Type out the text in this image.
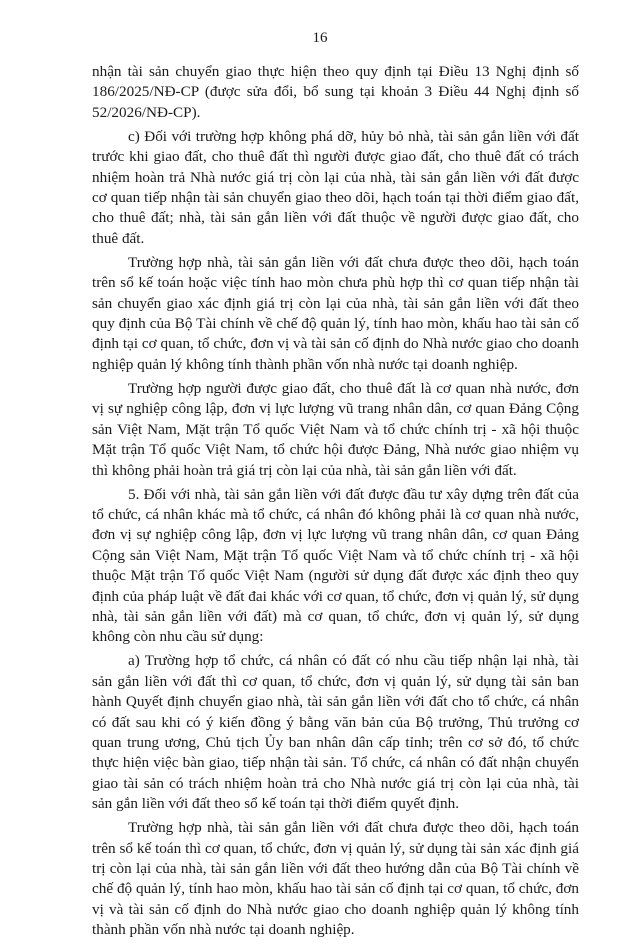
16

nhận tài sản chuyển giao thực hiện theo quy định tại Điều 13 Nghị định số 186/2025/NĐ-CP (được sửa đổi, bổ sung tại khoản 3 Điều 44 Nghị định số 52/2026/NĐ-CP).

c) Đối với trường hợp không phá dỡ, hủy bỏ nhà, tài sản gắn liền với đất trước khi giao đất, cho thuê đất thì người được giao đất, cho thuê đất có trách nhiệm hoàn trả Nhà nước giá trị còn lại của nhà, tài sản gắn liền với đất được cơ quan tiếp nhận tài sản chuyển giao theo dõi, hạch toán tại thời điểm giao đất, cho thuê đất; nhà, tài sản gắn liền với đất thuộc về người được giao đất, cho thuê đất.

Trường hợp nhà, tài sản gắn liền với đất chưa được theo dõi, hạch toán trên sổ kế toán hoặc việc tính hao mòn chưa phù hợp thì cơ quan tiếp nhận tài sản chuyển giao xác định giá trị còn lại của nhà, tài sản gắn liền với đất theo quy định của Bộ Tài chính về chế độ quản lý, tính hao mòn, khấu hao tài sản cố định tại cơ quan, tổ chức, đơn vị và tài sản cố định do Nhà nước giao cho doanh nghiệp quản lý không tính thành phần vốn nhà nước tại doanh nghiệp.

Trường hợp người được giao đất, cho thuê đất là cơ quan nhà nước, đơn vị sự nghiệp công lập, đơn vị lực lượng vũ trang nhân dân, cơ quan Đảng Cộng sản Việt Nam, Mặt trận Tổ quốc Việt Nam và tổ chức chính trị - xã hội thuộc Mặt trận Tổ quốc Việt Nam, tổ chức hội được Đảng, Nhà nước giao nhiệm vụ thì không phải hoàn trả giá trị còn lại của nhà, tài sản gắn liền với đất.

5. Đối với nhà, tài sản gắn liền với đất được đầu tư xây dựng trên đất của tổ chức, cá nhân khác mà tổ chức, cá nhân đó không phải là cơ quan nhà nước, đơn vị sự nghiệp công lập, đơn vị lực lượng vũ trang nhân dân, cơ quan Đảng Cộng sản Việt Nam, Mặt trận Tổ quốc Việt Nam và tổ chức chính trị - xã hội thuộc Mặt trận Tổ quốc Việt Nam (người sử dụng đất được xác định theo quy định của pháp luật về đất đai khác với cơ quan, tổ chức, đơn vị quản lý, sử dụng nhà, tài sản gắn liền với đất) mà cơ quan, tổ chức, đơn vị quản lý, sử dụng không còn nhu cầu sử dụng:

a) Trường hợp tổ chức, cá nhân có đất có nhu cầu tiếp nhận lại nhà, tài sản gắn liền với đất thì cơ quan, tổ chức, đơn vị quản lý, sử dụng tài sản ban hành Quyết định chuyển giao nhà, tài sản gắn liền với đất cho tổ chức, cá nhân có đất sau khi có ý kiến đồng ý bằng văn bản của Bộ trưởng, Thủ trưởng cơ quan trung ương, Chủ tịch Ủy ban nhân dân cấp tỉnh; trên cơ sở đó, tổ chức thực hiện việc bàn giao, tiếp nhận tài sản. Tổ chức, cá nhân có đất nhận chuyển giao tài sản có trách nhiệm hoàn trả cho Nhà nước giá trị còn lại của nhà, tài sản gắn liền với đất theo sổ kế toán tại thời điểm quyết định.

Trường hợp nhà, tài sản gắn liền với đất chưa được theo dõi, hạch toán trên sổ kế toán thì cơ quan, tổ chức, đơn vị quản lý, sử dụng tài sản xác định giá trị còn lại của nhà, tài sản gắn liền với đất theo hướng dẫn của Bộ Tài chính về chế độ quản lý, tính hao mòn, khấu hao tài sản cố định tại cơ quan, tổ chức, đơn vị và tài sản cố định do Nhà nước giao cho doanh nghiệp quản lý không tính thành phần vốn nhà nước tại doanh nghiệp.
